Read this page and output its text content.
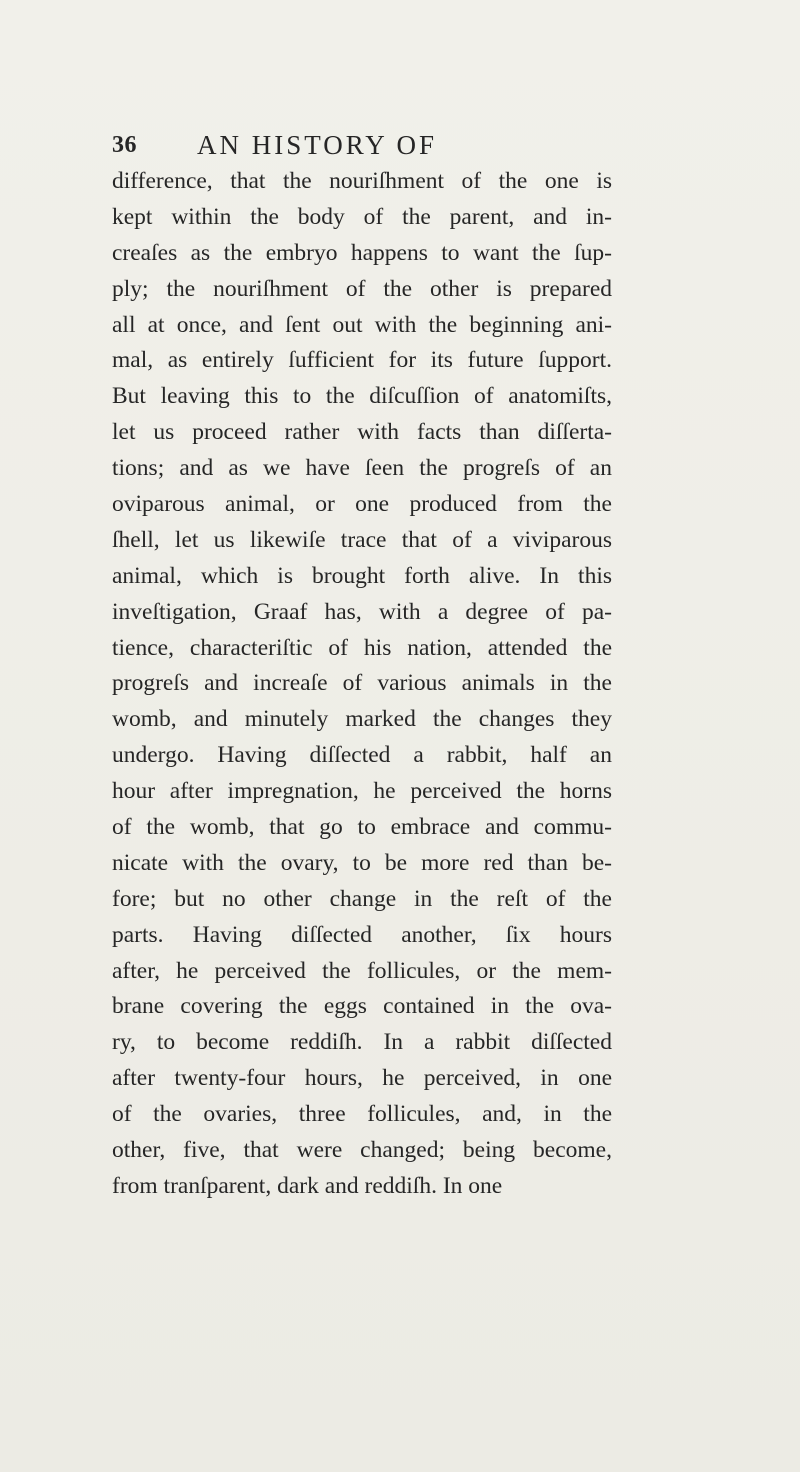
36 AN HISTORY OF
difference, that the nouriſhment of the one is
kept within the body of the parent, and in-
creaſes as the embryo happens to want the ſup-
ply; the nouriſhment of the other is prepared
all at once, and ſent out with the beginning ani-
mal, as entirely ſufficient for its future ſupport.
But leaving this to the diſcuſſion of anatomiſts,
let us proceed rather with facts than diſſerta-
tions; and as we have ſeen the progreſs of an
oviparous animal, or one produced from the
ſhell, let us likewiſe trace that of a viviparous
animal, which is brought forth alive. In this
inveſtigation, Graaf has, with a degree of pa-
tience, characteriſtic of his nation, attended the
progreſs and increaſe of various animals in the
womb, and minutely marked the changes they
undergo. Having diſſected a rabbit, half an
hour after impregnation, he perceived the horns
of the womb, that go to embrace and commu-
nicate with the ovary, to be more red than be-
fore; but no other change in the reſt of the
parts. Having diſſected another, ſix hours
after, he perceived the follicules, or the mem-
brane covering the eggs contained in the ova-
ry, to become reddiſh. In a rabbit diſſected
after twenty-four hours, he perceived, in one
of the ovaries, three follicules, and, in the
other, five, that were changed; being become,
from tranſparent, dark and reddiſh. In one
